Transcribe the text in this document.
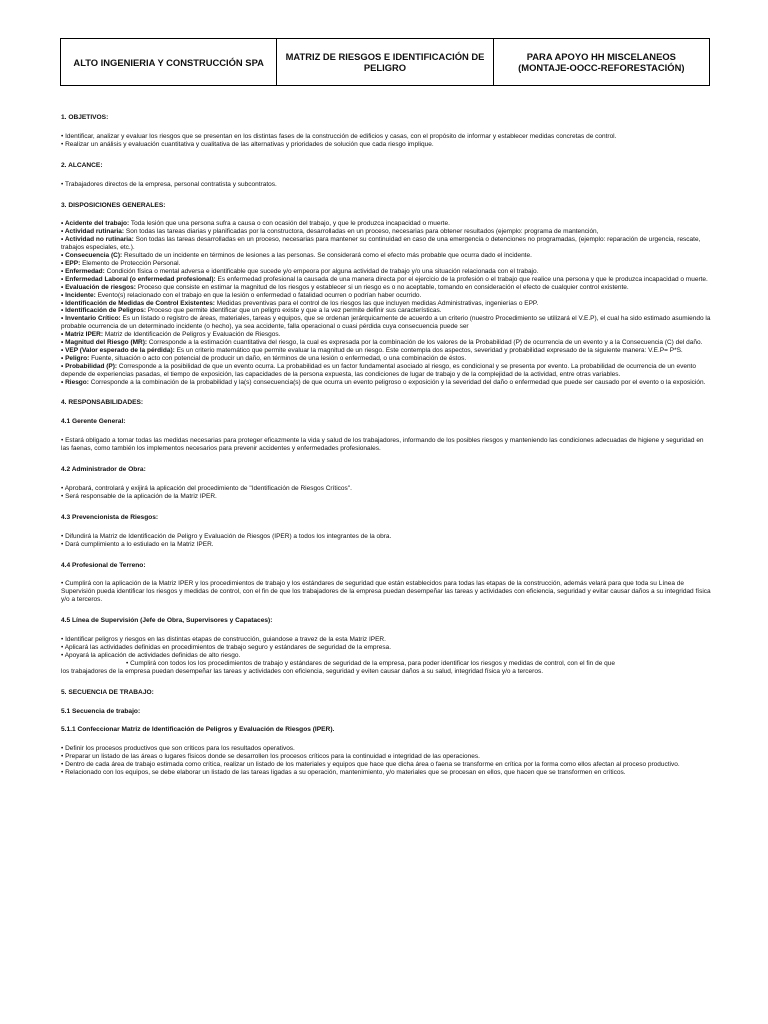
ALTO INGENIERIA Y CONSTRUCCIÓN SPA	MATRIZ DE RIESGOS E IDENTIFICACIÓN DE PELIGRO
PARA APOYO HH MISCELANEOS (MONTAJE-OOCC-REFORESTACIÓN)

1. OBJETIVOS:

• Identificar, analizar y evaluar los riesgos que se presentan en los distintas fases de la construcción de edificios y casas, con el propósito de informar y establecer medidas concretas de control.

• Realizar un análisis y evaluación cuantitativa y cualitativa de las alternativas y prioridades de solución que cada riesgo implique.

2. ALCANCE:

• Trabajadores directos de la empresa, personal contratista y subcontratos.

3. DISPOSICIONES GENERALES:

• Acidente del trabajo: Toda lesión que una persona sufra a causa o con ocasión del trabajo, y que le produzca incapacidad o muerte.

• Actividad rutinaria: Son todas las tareas diarias y planificadas por la constructora, desarrolladas en un proceso, necesarias para obtener resultados (ejemplo: programa de mantención,

• Actividad no rutinaria: Son todas las tareas desarrolladas en un proceso, necesarias para mantener su continuidad en caso de una emergencia o detenciones no programadas, (ejemplo: reparación de urgencia, rescate, trabajos especiales, etc.).

• Consecuencia (C): Resultado de un incidente en términos de lesiones a las personas. Se considerará como el efecto más probable que ocurra dado el incidente.

• EPP: Elemento de Protección Personal.

• Enfermedad: Condición física o mental adversa e identificable que sucede y/o empeora por alguna actividad de trabajo y/o una situación relacionada con el trabajo.

• Enfermedad Laboral (o enfermedad profesional): Es enfermedad profesional la causada de una manera directa por el ejercicio de la profesión o el trabajo que realice una persona y que le produzca incapacidad o muerte.

• Evaluación de riesgos: Proceso que consiste en estimar la magnitud de los riesgos y establecer si un riesgo es o no aceptable, tomando en consideración el efecto de cualquier control existente.

• Incidente: Evento(s) relacionado con el trabajo en que la lesión o enfermedad o fatalidad ocurren o podrían haber ocurrido.

• Identificación de Medidas de Control Existentes: Medidas preventivas para el control de los riesgos las que incluyen medidas Administrativas, ingenierías o EPP.

• Identificación de Peligros: Proceso que permite identificar que un peligro existe y que a la vez permite definir sus características.

• Inventario Crítico: Es un listado o registro de áreas, materiales, tareas y equipos, que se ordenan jerárquicamente de acuerdo a un criterio (nuestro Procedimiento se utilizará el V.E.P), el cual ha sido estimado asumiendo la probable ocurrencia de un determinado incidente (o hecho), ya sea accidente, falla operacional o cuasi pérdida cuya consecuencia puede ser

• Matriz IPER: Matriz de Identificación de Peligros y Evaluación de Riesgos.

• Magnitud del Riesgo (MR): Corresponde a la estimación cuantitativa del riesgo, la cual es expresada por la combinación de los valores de la Probabilidad (P) de ocurrencia de un evento y a la Consecuencia (C) del daño.

• VEP (Valor esperado de la pérdida): Es un criterio matemático que permite evaluar la magnitud de un riesgo. Este contempla dos aspectos, severidad y probabilidad expresado de la siguiente manera: V.E.P= P*S.

• Peligro: Fuente, situación o acto con potencial de producir un daño, en términos de una lesión o enfermedad, o una combinación de éstos.

• Probabilidad (P): Corresponde a la posibilidad de que un evento ocurra. La probabilidad es un factor fundamental asociado al riesgo, es condicional y se presenta por evento. La probabilidad de ocurrencia de un evento depende de experiencias pasadas, el tiempo de exposición, las capacidades de la persona expuesta, las condiciones de lugar de trabajo y de la complejidad de la actividad, entre otras variables.

• Riesgo: Corresponde a la combinación de la probabilidad y la(s) consecuencia(s) de que ocurra un evento peligroso o exposición y la severidad del daño o enfermedad que puede ser causado por el evento o la exposición.

4. RESPONSABILIDADES:

4.1 Gerente General:

• Estará obligado a tomar todas las medidas necesarias para proteger eficazmente la vida y salud de los trabajadores, informando de los posibles riesgos y manteniendo las condiciones adecuadas de higiene y seguridad en las faenas, como también los implementos necesarios para prevenir accidentes y enfermedades profesionales.

4.2 Administrador de Obra:

• Aprobará, controlará y exijirá la aplicación del procedimiento de "Identificación de Riesgos Críticos".

• Será responsable de la aplicación de la Matriz IPER.

4.3 Prevencionista de Riesgos:

• Difundirá la Matriz de Identificación de Peligro y Evaluación de Riesgos (IPER) a todos los integrantes de la obra.

• Dará cumplimiento a lo estiulado en la Matriz IPER.

4.4 Profesional de Terreno:

• Cumplirá con la aplicación de la Matriz IPER y los procedimientos de trabajo y los estándares de seguridad que están establecidos para todas las etapas de la construcción, además velará para que toda su Línea de Supervisión pueda identificar los riesgos y medidas de control, con el fin de que los trabajadores de la empresa puedan desempeñar las tareas y actividades con eficiencia, seguridad y evitar causar daños a su integridad física y/o a terceros.

4.5 Línea de Supervisión (Jefe de Obra, Supervisores y Capataces):

• Identificar peligros y riesgos en las distintas etapas de construcción, guiandose a travez de la esta Matriz IPER.

• Aplicará las actividades definidas en procedimientos de trabajo seguro y estándares de seguridad de la empresa.

• Apoyará la aplicación de actividades definidas de alto riesgo.

• Cumplirá con todos los los procedimientos de trabajo y estándares de seguridad de la empresa, para poder identificar los riesgos y medidas de control, con el fin de que

los trabajadores de la empresa puedan desempeñar las tareas y actividades con eficiencia, seguridad y eviten causar daños a su salud, integridad física y/o a terceros.

5. SECUENCIA DE TRABAJO:

5.1 Secuencia de trabajo:

5.1.1 Confeccionar Matriz de Identificación de Peligros y Evaluación de Riesgos (IPER).

• Definir los procesos productivos que son críticos para los resultados operativos.

• Preparar un listado de las áreas o lugares físicos donde se desarrollen los procesos críticos para la continuidad e integridad de las operaciones.

• Dentro de cada área de trabajo estimada como crítica, realizar un listado de los materiales y equipos que hace que dicha área o faena se transforme en crítica por la forma como ellos afectan al proceso productivo.

• Relacionado con los equipos, se debe elaborar un listado de las tareas ligadas a su operación, mantenimiento, y/o materiales que se procesan en ellos, que hacen que se transformen en críticos.
